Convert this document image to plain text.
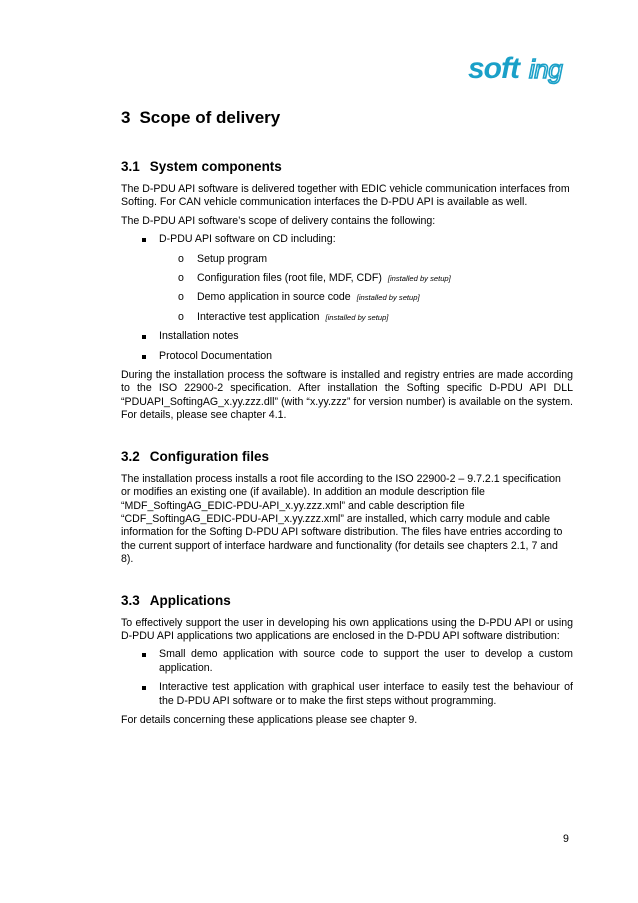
soft ing
3 Scope of delivery
3.1 System components

The D-PDU API software is delivered together with EDIC vehicle communication interfaces from Softing. For CAN vehicle communication interfaces the D-PDU API is available as well.

The D-PDU API software’s scope of delivery contains the following:

D-PDU API software on CD including:
o Setup program
o Configuration files (root file, MDF, CDF) [installed by setup]
o Demo application in source code [installed by setup]
o Interactive test application [installed by setup]
Installation notes
Protocol Documentation

During the installation process the software is installed and registry entries are made according to the ISO 22900-2 specification. After installation the Softing specific D-PDU API DLL “PDUAPI_SoftingAG_x.yy.zzz.dll” (with “x.yy.zzz” for version number) is available on the system. For details, please see chapter 4.1.

3.2 Configuration files

The installation process installs a root file according to the ISO 22900-2 – 9.7.2.1 specification or modifies an existing one (if available). In addition an module description file “MDF_SoftingAG_EDIC-PDU-API_x.yy.zzz.xml” and cable description file “CDF_SoftingAG_EDIC-PDU-API_x.yy.zzz.xml” are installed, which carry module and cable information for the Softing D-PDU API software distribution. The files have entries according to the current support of interface hardware and functionality (for details see chapters 2.1, 7 and 8).

3.3 Applications

To effectively support the user in developing his own applications using the D-PDU API or using D-PDU API applications two applications are enclosed in the D-PDU API software distribution:

Small demo application with source code to support the user to develop a custom application.
Interactive test application with graphical user interface to easily test the behaviour of the D-PDU API software or to make the first steps without programming.

For details concerning these applications please see chapter 9.

9
